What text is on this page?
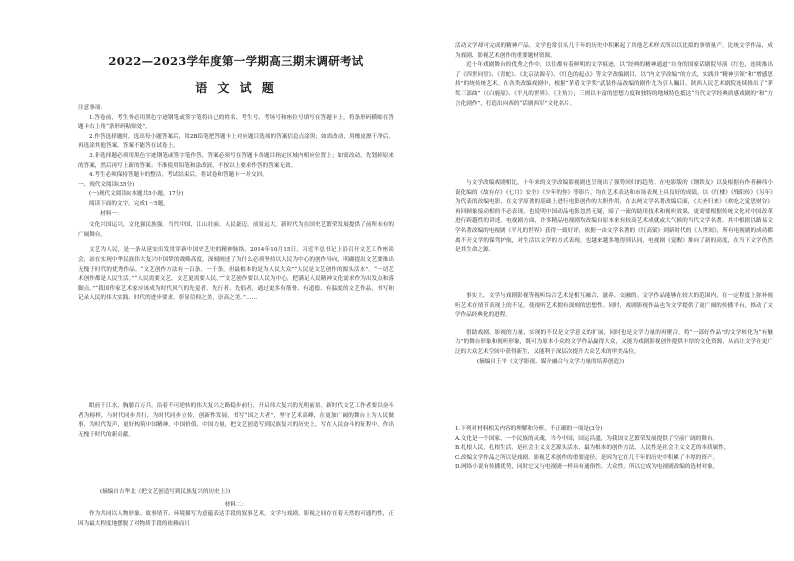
2022—2023学年度第一学期高三期末调研考试
语 文 试 题

注意事项：

1.答卷前，考生务必用黑色字迹钢笔或签字笔将自己的姓名、考生号、考场号和座位号填写在答题卡上，将条形码横贴在答题卡右上角“条形码粘贴处”。

2.作答选择题时，选出每小题答案后，用2B铅笔把答题卡上对应题目选项的答案信息点涂黑；如需改动，用橡皮擦干净后，再选涂其他答案，答案不能答在试卷上。

3.非选择题必须用黑色字迹钢笔或签字笔作答，答案必须写在答题卡各题目指定区域内相应位置上；如需改动，先划掉原来的答案，然后再写上新的答案；不准使用铅笔和涂改液，不按以上要求作答的答案无效。

4.考生必须保持答题卡的整洁，考试结束后，将试卷和答题卡一并交回。

一、现代文阅读(35分)

(一)现代文阅读Ⅰ(本题共5小题，17分)

阅读下面的文字，完成1～5题。

材料一：

文化兴国运兴，文化强民族强。当代中国，江山壮丽、人民豪迈，前景远大。新时代为在国史艺繁荣发展提供了前所未有的广阔舞台。

文艺为人民，是一条从延安出发贯穿新中国史艺史的精神脉络。2014年10月15日，习近平总书记上沿召开文艺工作座谈会，站在实现中华民族伟大复兴中国梦的战略高度，深刻阐述了为什么必须坚持以人民为中心的创作导向，明确提出文艺要推出无愧于时代的优秀作品。“文艺创作方法有一百条，一千条，但最根本的是为人民大众”“人民是文艺创作的源头活水”。“一切艺术创作都是人民生活。”“人民需要文艺，文艺更需要人民。”“文艺创作要以人民为中心，把满足人民精神文化需求作为出发点和落脚点。”“我国作家艺术家应该成为时代风气的先觉者、先行者、先倡者，通过更多有筋骨、有道德、有温度的文艺作品，书写和记录人民的伟大实践、时代的进步要求，彰显信仰之美、崇高之美。”……

眼前千江水，胸臆百万兵。沿着不可逆转的伟大复兴之路稳步前行，开启伟大复兴的光明前景。新时代文艺工作者要以奋斗者为榜样，与时代同步共行，为时代同步立传，创新性发展，书写“国之大者”，坚守艺术高峰，在更加广阔的舞台上为人民做事，为时代发声，更好构筑中国精神、中国价值、中国力量，把文艺创造写到民族复兴的历史上，写在人民奋斗的征程中，作出无愧于时代的新贡献。

(摘编自吉华北《把文艺创造写到民族复兴的历史上》)

材料二：

作为共同以人物形象、故事情节、环境描写为意蕴表达手段的叙事艺术，文学与戏剧、影视之间存在着天然的可通约性，正因为最大程度地摆脱了对物质手段的依赖而只

活动文学却可完成的精神产品。文学也常引头几千年的历史中积累起了其他艺术样式所以以比拟的事情量产。比统文学作品，成为戏剧、影视艺术创作的重要题材资源。

近十年戏剧舞台的优秀之作中，以往都有着鲜明的文学痕迹，以“经典的精神通道”自身的国家话剧院导演《红色，连续推出了《四世同堂》、《青蛇》、《北京法源寺》、《红色的起点》等文学改编剧目，以“内文学改编”的方式，实践并“精神引领”和“增感思持”的统传统艺术。在各类改编戏剧中，根据“茅盾文学奖”武装作品改编的剧作尤为引人瞩目。陕西人民艺术剧院连续推出了“茅奖三部曲”（《白鹿原》、《平凡的世界》、《主角》）；三则以丰富的思想力度和独特的地域特色抵达“当代文学经典质感戏剧的”和“方言化剧作”，打造出向西的“话剧西军”文化名片。

与文学改编戏剧相比，十年来的文学改编影视剧也呈现出了强势回归的趋势。在电影版的《钢铁友》以及根据有作者赫伟小说化编的《故有存》《七月》安全》《少年的你》等影片，均在艺术表达和市场表现上具良好的成绩。以《红楼》《残阳传》《另年》为代表的改编电影，在文学原著的基础上进行电影创作的大胆作用，在去两文学名著改编后面，《大圣归来》《欢吃之觉思财谷》再回顾象接动相的不必表现，也说明中国动品电影忽然无疑，暗了一流的助用技术和视听效果，更需要根据传统文化对中国改革进行跨越性的讲述。电视剧方面，许多精品电视剧均改编自原本来有较高艺术成就或大气候的当代文学名著。其中根据以路易文学名著改编的电视剧《平凡的世界》获得一致好评，依据一由文学名著的《红高粱》到新时代的《人世间》，所有电视剧的成功都离不开文学的保驾护航，对生活以文学的方式表现，也越来越多地得到认同，电视剧《觉醒》推向了新的高度，在当下文学仍然是其生命之源。

事实上，文学与戏剧影视等视听综合艺术是相互融合、滋养、交融的。文学作品能够在较大的范围内，在一定程度上弥补视听艺术在情节表现上的不足，使视听艺术拥有深刻的思想性。同时，戏剧影视作品也为文学提供了更广阔的传播平台，推动了文学作品经典化的进程。

借助戏剧、影视的力量，实现的不仅是文学意义的扩展，同时也是文学力量的再聚合。将“一部好作品”的文学转化为“有魅力”的舞台形象和视听形象，既可为原本小众的文学作品赢得大众，又能为戏剧影视创作提供丰厚的文化资源，从而让文学在更广泛的大众艺术空间中获得新生，又能利于深层次提升大众艺术的审美品位。

(摘编自王平《文学影视、媒介融合与文学力量的培养创造》)

1.下列对材料相关内容的理解和分析，不正确的一项是(3分)

A.文化是一个国家、一个民族的灵魂，当今中国，国运昌盛，为我国文艺繁荣发展提供了空前广阔的舞台。

B.扎根人民，扎根生活，是社会主义文艺源头活水，最为根本的创作方法，人民性是社会主义文艺的本质属性。

C.改编文学作品之所以是戏剧、影视艺术创作的重要途径，是因为它在几千年的历史中积累了丰厚的资产。

D.网络小说有传播优势，同时它又与电视剧一样具有通俗性、大众性，所以它成为电视剧改编的选材对象。
